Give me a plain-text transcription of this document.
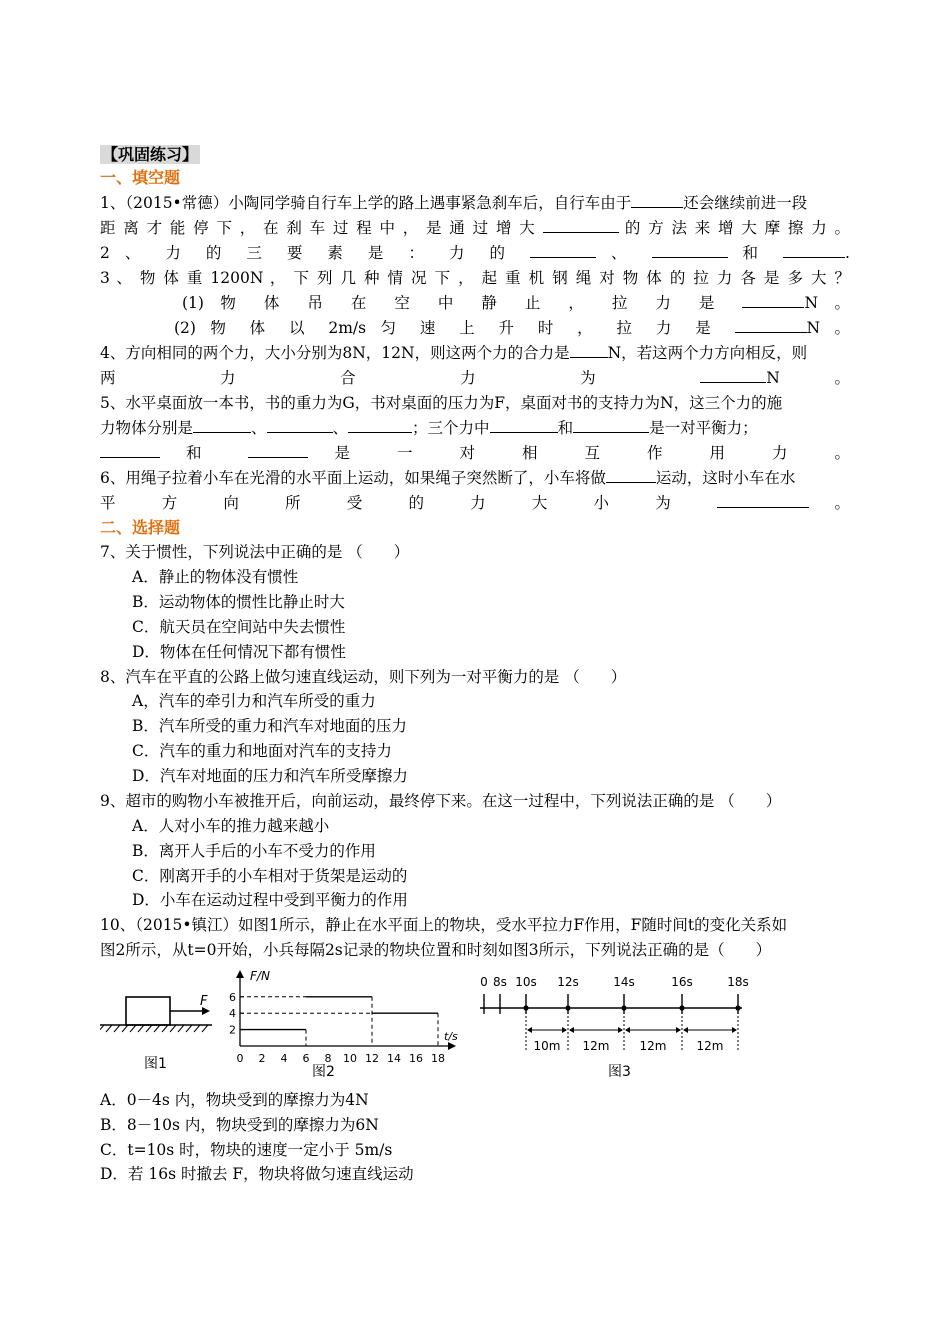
【巩固练习】
一、填空题
1、（2015•常德）小陶同学骑自行车上学的路上遇事紧急刹车后，自行车由于	还会继续前进一段
距 离 才 能 停 下 ， 在 刹 车 过 程 中 ， 是 通 过 增 大	的 方 法 来 增 大 摩 擦 力 。
2 、 力 的 三 要 素 是 ： 力 的	、	和	.
3 、 物 体 重 1200N ， 下 列 几 种 情 况 下 ， 起 重 机 钢 绳 对 物 体 的 拉 力 各 是 多 大 ？
(1) 物 体 吊 在 空 中 静 止 ， 拉 力 是	N 。
(2) 物 体 以 2m/s 匀 速 上 升 时 ， 拉 力 是	N 。
4、方向相同的两个力，大小分别为8N，12N，则这两个力的合力是 N，若这两个力方向相反，则
两 力 合 力 为	N 。
5、水平桌面放一本书，书的重力为G，书对桌面的压力为F，桌面对书的支持力为N，这三个力的施
力物体分别是	、	、	；三个力中	和	是一对平衡力；
和	是 一 对 相 互 作 用 力 。
6、用绳子拉着小车在光滑的水平面上运动，如果绳子突然断了，小车将做	运动，这时小车在水
平 方 向 所 受 的 力 大 小 为	。
二、选择题
7、关于惯性，下列说法中正确的是 （　　）
A．静止的物体没有惯性
B．运动物体的惯性比静止时大
C．航天员在空间站中失去惯性
D．物体在任何情况下都有惯性
8、汽车在平直的公路上做匀速直线运动，则下列为一对平衡力的是 （　　）
A，汽车的牵引力和汽车所受的重力
B．汽车所受的重力和汽车对地面的压力
C．汽车的重力和地面对汽车的支持力
D．汽车对地面的压力和汽车所受摩擦力
9、超市的购物小车被推开后，向前运动，最终停下来。在这一过程中，下列说法正确的是 （　　）
A．人对小车的推力越来越小
B．离开人手后的小车不受力的作用
C．刚离开手的小车相对于货架是运动的
D．小车在运动过程中受到平衡力的作用
10、（2015•镇江）如图1所示，静止在水平面上的物块，受水平拉力F作用，F随时间t的变化关系如
图2所示，从t=0开始，小兵每隔2s记录的物块位置和时刻如图3所示，下列说法正确的是（　　）
F
图1
F/N
t/s
0 2 4 6 8 10 12 14 16 18
2
4
6
图2
0 8s 10s 12s	14s	16s	18s
10m 12m	12m	12m
图3
A．0－4s 内，物块受到的摩擦力为4N
B．8－10s 内，物块受到的摩擦力为6N
C．t=10s 时，物块的速度一定小于 5m/s
D．若 16s 时撤去 F，物块将做匀速直线运动
